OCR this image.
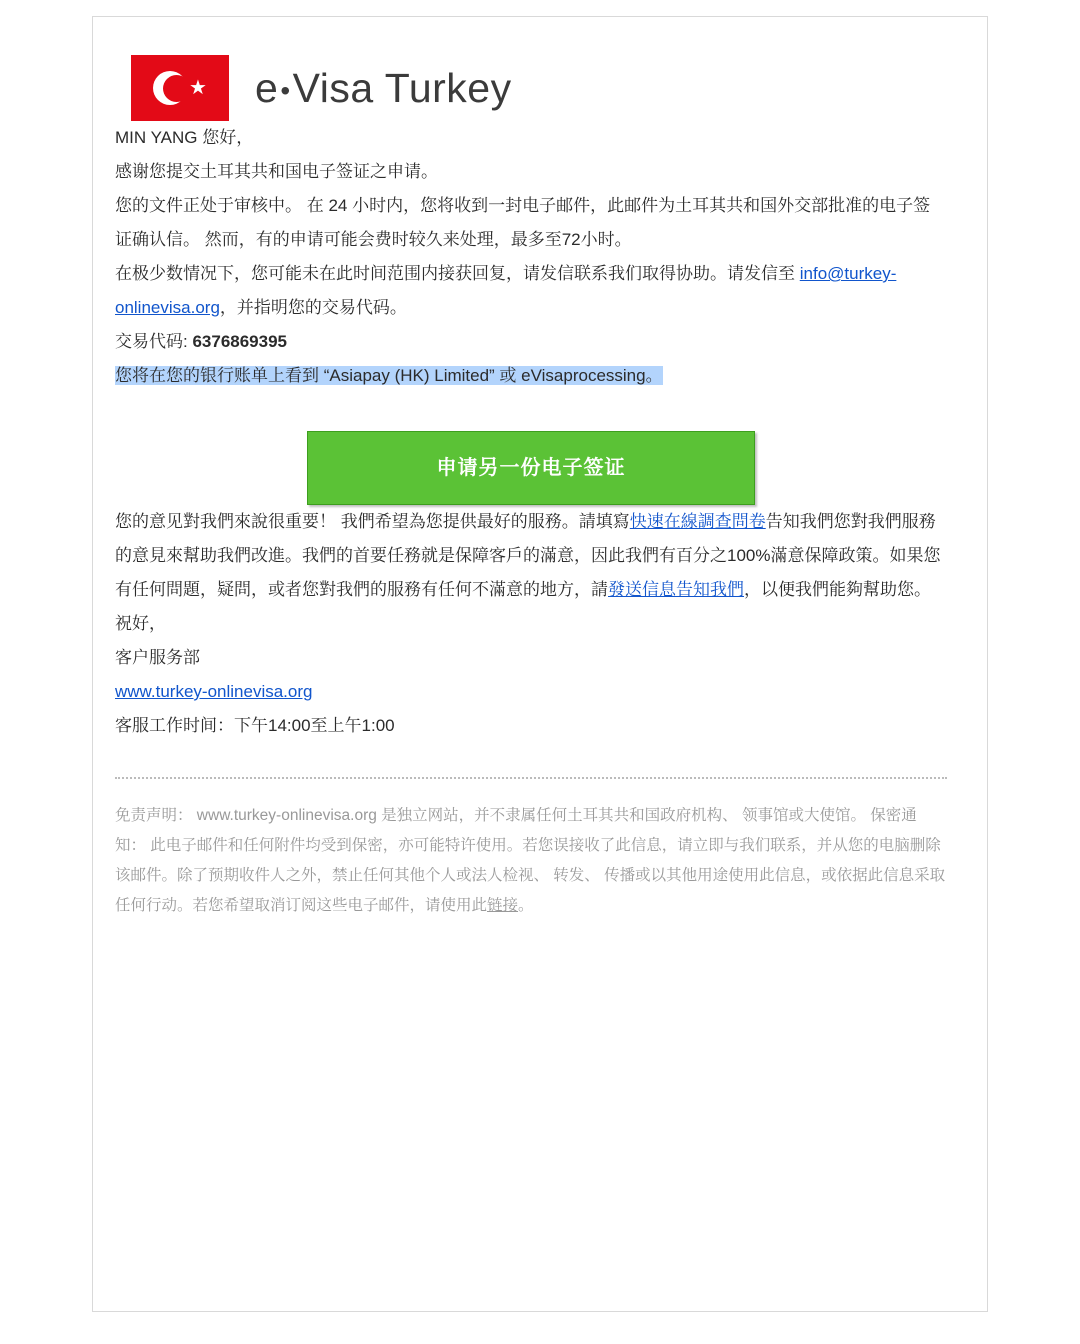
★ e•Visa Turkey

MIN YANG 您好，

感谢您提交土耳其共和国电子签证之申请。

您的文件正处于审核中。 在 24 小时内，您将收到一封电子邮件，此邮件为土耳其共和国外交部批准的电子签证确认信。 然而，有的申请可能会费时较久来处理，最多至72小时。

在极少数情况下，您可能未在此时间范围内接获回复，请发信联系我们取得协助。请发信至 info@turkey-onlinevisa.org，并指明您的交易代码。

交易代码: 6376869395

您将在您的银行账单上看到 “Asiapay (HK) Limited” 或 eVisaprocessing。

申请另一份电子签证

您的意见對我們來說很重要！ 我們希望為您提供最好的服務。請填寫快速在線調查問卷告知我們您對我們服務的意見來幫助我們改進。我們的首要任務就是保障客戶的滿意，因此我們有百分之100%滿意保障政策。如果您有任何問題，疑問，或者您對我們的服務有任何不滿意的地方，請發送信息告知我們，以便我們能夠幫助您。

祝好，
客户服务部
www.turkey-onlinevisa.org

客服工作时间：下午14:00至上午1:00

免责声明： www.turkey-onlinevisa.org 是独立网站，并不隶属任何土耳其共和国政府机构、 领事馆或大使馆。 保密通知： 此电子邮件和任何附件均受到保密，亦可能特许使用。若您误接收了此信息，请立即与我们联系，并从您的电脑删除该邮件。除了预期收件人之外，禁止任何其他个人或法人检视、 转发、 传播或以其他用途使用此信息，或依据此信息采取任何行动。若您希望取消订阅这些电子邮件，请使用此链接。
